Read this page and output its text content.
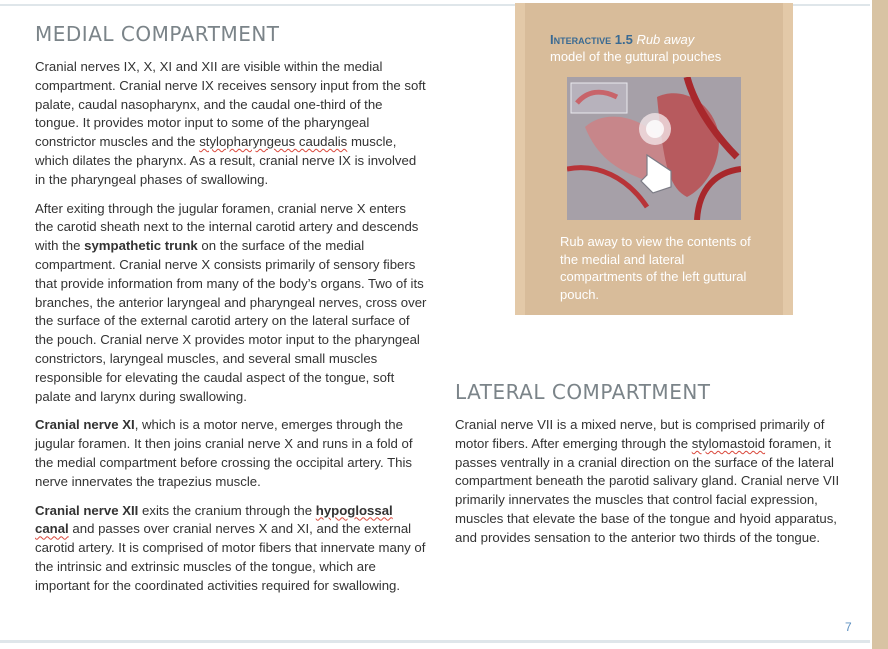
MEDIAL COMPARTMENT

Cranial nerves IX, X, XI and XII are visible within the medial compartment. Cranial nerve IX receives sensory input from the soft palate, caudal nasopharynx, and the caudal one-third of the tongue. It provides motor input to some of the pharyngeal constrictor muscles and the stylopharyngeus caudalis muscle, which dilates the pharynx. As a result, cranial nerve IX is involved in the pharyngeal phases of swallowing.

After exiting through the jugular foramen, cranial nerve X enters the carotid sheath next to the internal carotid artery and descends with the sympathetic trunk on the surface of the medial compartment. Cranial nerve X consists primarily of sensory fibers that provide information from many of the body’s organs. Two of its branches, the anterior laryngeal and pharyngeal nerves, cross over the surface of the external carotid artery on the lateral surface of the pouch. Cranial nerve X provides motor input to the pharyngeal constrictors, laryngeal muscles, and several small muscles responsible for elevating the caudal aspect of the tongue, soft palate and larynx during swallowing.

Cranial nerve XI, which is a motor nerve, emerges through the jugular foramen. It then joins cranial nerve X and runs in a fold of the medial compartment before crossing the occipital artery. This nerve innervates the trapezius muscle.

Cranial nerve XII exits the cranium through the hypoglossal canal and passes over cranial nerves X and XI, and the external carotid artery. It is comprised of motor fibers that innervate many of the intrinsic and extrinsic muscles of the tongue, which are important for the coordinated activities required for swallowing.

Interactive 1.5 Rub away
model of the guttural pouches
Rub away to view the contents of the medial and lateral compartments of the left guttural pouch.
LATERAL COMPARTMENT

Cranial nerve VII is a mixed nerve, but is comprised primarily of motor fibers. After emerging through the stylomastoid foramen, it passes ventrally in a cranial direction on the surface of the lateral compartment beneath the parotid salivary gland. Cranial nerve VII primarily innervates the muscles that control facial expression, muscles that elevate the base of the tongue and hyoid apparatus, and provides sensation to the anterior two thirds of the tongue.

7
